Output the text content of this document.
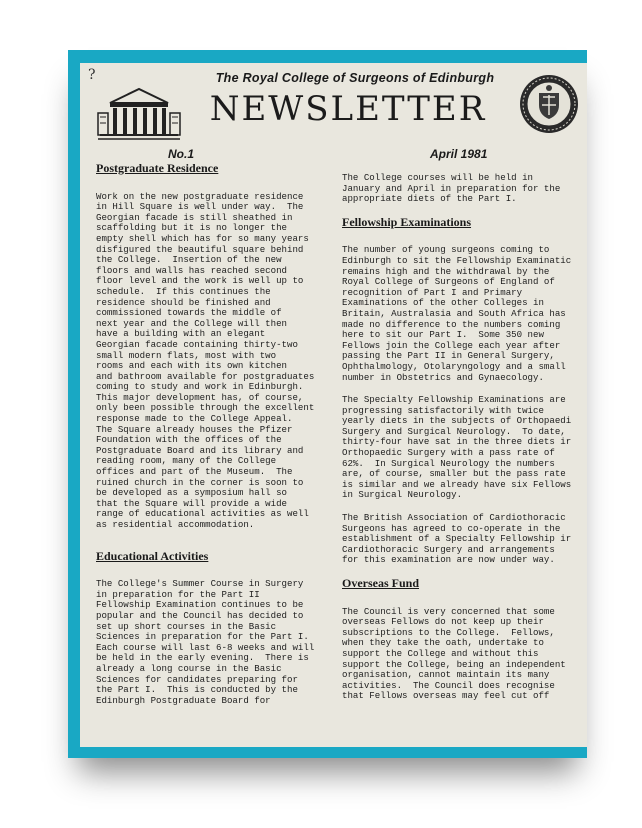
?	The Royal College of Surgeons of Edinburgh
NEWSLETTER
No.1	April 1981
Postgraduate Residence
Work on the new postgraduate residence
in Hill Square is well under way.  The
Georgian facade is still sheathed in
scaffolding but it is no longer the
empty shell which has for so many years
disfigured the beautiful square behind
the College.  Insertion of the new
floors and walls has reached second
floor level and the work is well up to
schedule.  If this continues the
residence should be finished and
commissioned towards the middle of
next year and the College will then
have a building with an elegant
Georgian facade containing thirty-two
small modern flats, most with two
rooms and each with its own kitchen
and bathroom available for postgraduates
coming to study and work in Edinburgh.
This major development has, of course,
only been possible through the excellent
response made to the College Appeal.
The Square already houses the Pfizer
Foundation with the offices of the
Postgraduate Board and its library and
reading room, many of the College
offices and part of the Museum.  The
ruined church in the corner is soon to
be developed as a symposium hall so
that the Square will provide a wide
range of educational activities as well
as residential accommodation.
Educational Activities
The College's Summer Course in Surgery
in preparation for the Part II
Fellowship Examination continues to be
popular and the Council has decided to
set up short courses in the Basic
Sciences in preparation for the Part I.
Each course will last 6-8 weeks and will
be held in the early evening.  There is
already a long course in the Basic
Sciences for candidates preparing for
the Part I.  This is conducted by the
Edinburgh Postgraduate Board for
The College courses will be held in
January and April in preparation for the
appropriate diets of the Part I.
Fellowship Examinations
The number of young surgeons coming to
Edinburgh to sit the Fellowship Examinatic
remains high and the withdrawal by the
Royal College of Surgeons of England of
recognition of Part I and Primary
Examinations of the other Colleges in
Britain, Australasia and South Africa has
made no difference to the numbers coming
here to sit our Part I.  Some 350 new
Fellows join the College each year after
passing the Part II in General Surgery,
Ophthalmology, Otolaryngology and a small
number in Obstetrics and Gynaecology.
The Specialty Fellowship Examinations are
progressing satisfactorily with twice
yearly diets in the subjects of Orthopaedi
Surgery and Surgical Neurology.  To date,
thirty-four have sat in the three diets ir
Orthopaedic Surgery with a pass rate of
62%.  In Surgical Neurology the numbers
are, of course, smaller but the pass rate
is similar and we already have six Fellows
in Surgical Neurology.
The British Association of Cardiothoracic
Surgeons has agreed to co-operate in the
establishment of a Specialty Fellowship ir
Cardiothoracic Surgery and arrangements
for this examination are now under way.
Overseas Fund
The Council is very concerned that some
overseas Fellows do not keep up their
subscriptions to the College.  Fellows,
when they take the oath, undertake to
support the College and without this
support the College, being an independent
organisation, cannot maintain its many
activities.  The Council does recognise
that Fellows overseas may feel cut off
